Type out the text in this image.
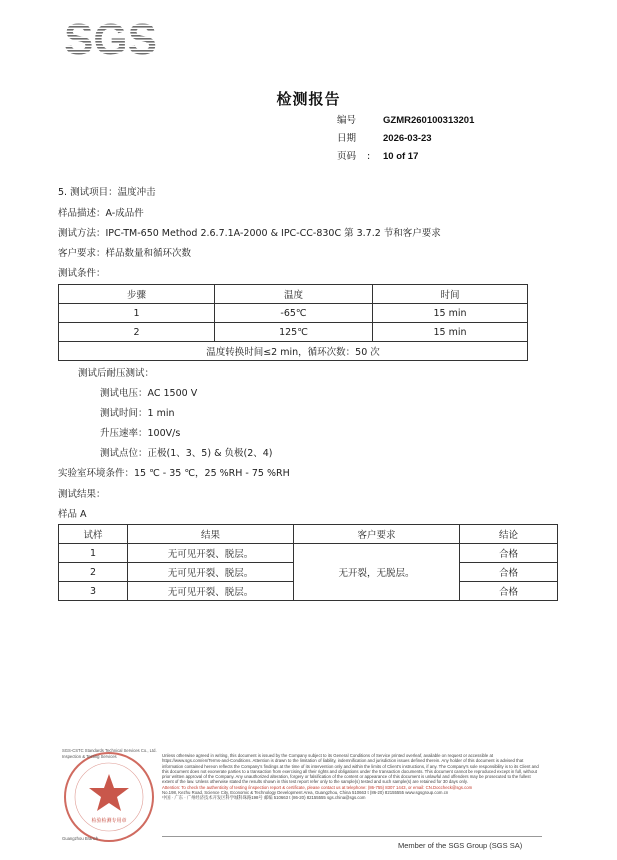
SGS
检测报告
编号	GZMR260100313201
日期	2026-03-23
页码 : 10 of 17
5. 测试项目：温度冲击
样品描述：A-成品件
测试方法：IPC-TM-650 Method 2.6.7.1A-2000 & IPC-CC-830C 第 3.7.2 节和客户要求
客户要求：样品数量和循环次数
测试条件：
步骤	温度	时间
1	-65℃	15 min
2	125℃	15 min
温度转换时间≤2 min，循环次数：50 次		
测试后耐压测试：
测试电压：AC 1500 V
测试时间：1 min
升压速率：100V/s
测试点位：正极(1、3、5) & 负极(2、4)
实验室环境条件：15 ℃ - 35 ℃，25 %RH - 75 %RH
测试结果：
样品 A
试样	结果	客户要求	结论
1	无可见开裂、脱层。	无开裂，无脱层。	合格
2	无可见开裂、脱层。		合格
3	无可见开裂、脱层。		合格
检验检测专用章
SGS-CSTC Standards Technical Services Co., Ltd.
Inspection & Testing Services
Guangzhou Branch
Unless otherwise agreed in writing, this document is issued by the Company subject to its General Conditions of Service printed overleaf, available on request or accessible at https://www.sgs.com/en/Terms-and-Conditions. Attention is drawn to the limitation of liability, indemnification and jurisdiction issues defined therein. Any holder of this document is advised that information contained hereon reflects the Company's findings at the time of its intervention only and within the limits of Client's instructions, if any. The Company's sole responsibility is to its Client and this document does not exonerate parties to a transaction from exercising all their rights and obligations under the transaction documents. This document cannot be reproduced except in full, without prior written approval of the Company. Any unauthorized alteration, forgery or falsification of the content or appearance of this document is unlawful and offenders may be prosecuted to the fullest extent of the law. Unless otherwise stated the results shown in this test report refer only to the sample(s) tested and such sample(s) are retained for 30 days only.
Attention: To check the authenticity of testing /inspection report & certificate, please contact us at telephone: (86-755) 8307 1443, or email: CN.Doccheck@sgs.com
No.198, Kezhu Road, Science City, Economic & Technology Development Area, Guangzhou, China 510663 t (86-20) 82155555 www.sgsgroup.com.cn
中国 · 广东 · 广州经济技术开发区科学城科珠路198号 邮编 510663 t (86-20) 82155555 sgs.china@sgs.com
Member of the SGS Group (SGS SA)
